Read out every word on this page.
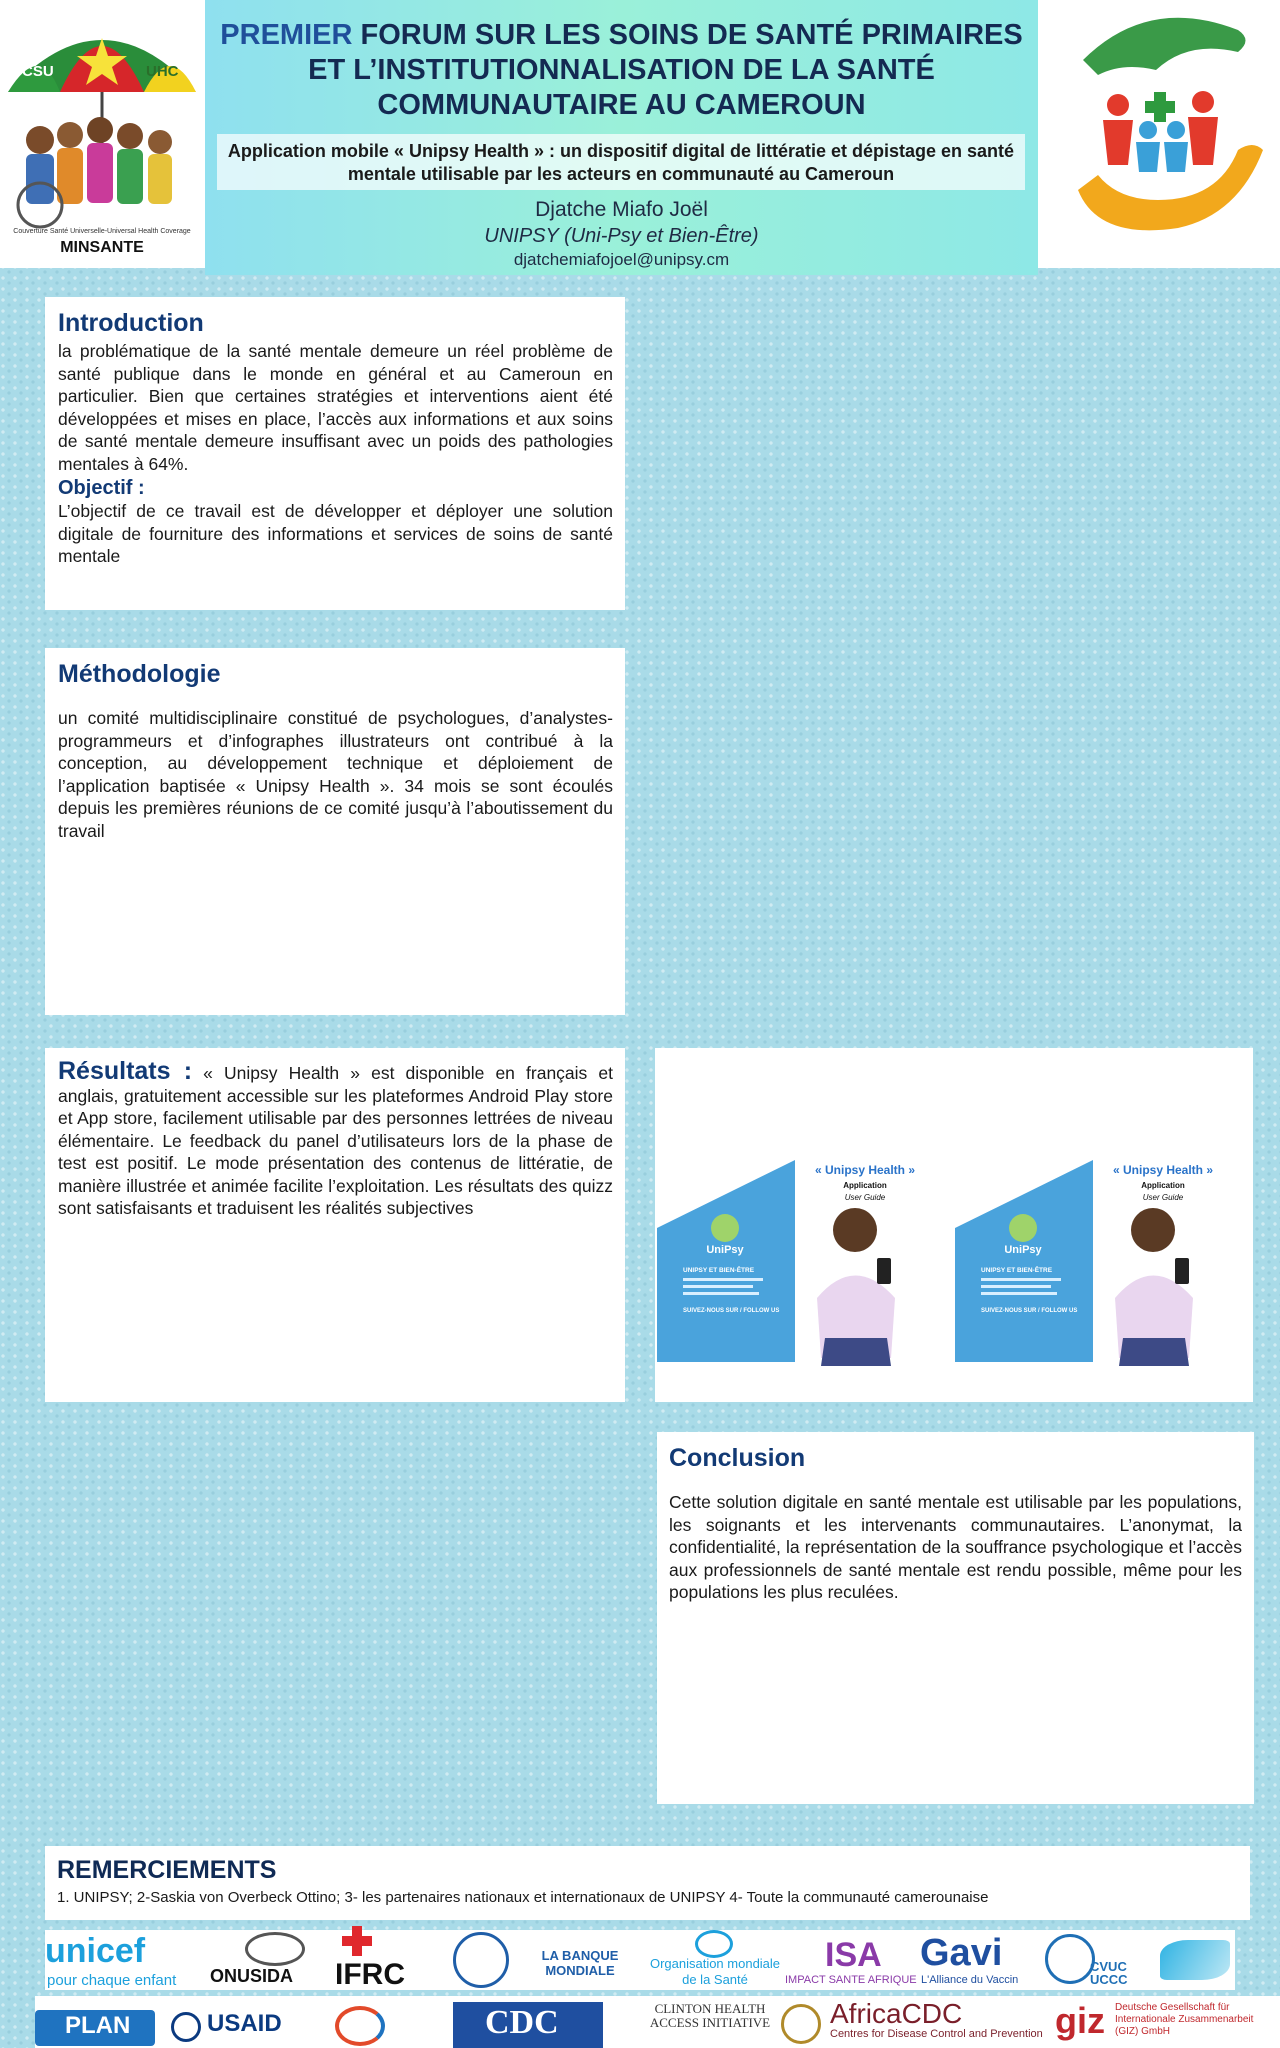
CSU	UHC
Couverture Santé Universelle-Universal Health Coverage
MINSANTE
PREMIER FORUM SUR LES SOINS DE SANTÉ PRIMAIRES
ET L’INSTITUTIONNALISATION DE LA SANTÉ
COMMUNAUTAIRE AU CAMEROUN
Application mobile « Unipsy Health » : un dispositif digital de littératie et dépistage en santé mentale utilisable par les acteurs en communauté au Cameroun
Djatche Miafo Joël
UNIPSY (Uni-Psy et Bien-Être)
djatchemiafojoel@unipsy.cm
Introduction
la problématique de la santé mentale demeure un réel problème de santé publique dans le monde en général et au Cameroun en particulier. Bien que certaines stratégies et interventions aient été développées et mises en place, l’accès aux informations et aux soins de santé mentale demeure insuffisant avec un poids des pathologies mentales à 64%.
Objectif :
L’objectif de ce travail est de développer et déployer une solution digitale de fourniture des informations et services de soins de santé mentale
Méthodologie
un comité multidisciplinaire constitué de psychologues, d’analystes-programmeurs et d’infographes illustrateurs ont contribué à la conception, au développement technique et déploiement de l’application baptisée « Unipsy Health ». 34 mois se sont écoulés depuis les premières réunions de ce comité jusqu’à l’aboutissement du travail
Résultats : « Unipsy Health » est disponible en français et anglais, gratuitement accessible sur les plateformes Android Play store et App store, facilement utilisable par des personnes lettrées de niveau élémentaire. Le feedback du panel d’utilisateurs lors de la phase de test est positif. Le mode présentation des contenus de littératie, de manière illustrée et animée facilite l’exploitation. Les résultats des quizz sont satisfaisants et traduisent les réalités subjectives
UniPsy
UNIPSY ET BIEN-ÊTRE
SUIVEZ-NOUS SUR / FOLLOW US
« Unipsy Health »
Application
User Guide
UniPsy
UNIPSY ET BIEN-ÊTRE
SUIVEZ-NOUS SUR / FOLLOW US
« Unipsy Health »
Application
User Guide
Conclusion
Cette solution digitale en santé mentale est utilisable par les populations, les soignants et les intervenants communautaires. L’anonymat, la confidentialité, la représentation de la souffrance psychologique et l’accès aux professionnels de santé mentale est rendu possible, même pour les populations les plus reculées.
REMERCIEMENTS
1. UNIPSY; 2-Saskia von Overbeck Ottino; 3- les partenaires nationaux et internationaux de UNIPSY 4- Toute la communauté camerounaise
unicef
pour chaque enfant ONUSIDA IFRC
LA BANQUE MONDIALE	Organisation mondiale de la Santé
ISA
IMPACT SANTE AFRIQUE
Gavi
L'Alliance du Vaccin
CVUC UCCC
PLAN	USAID	CDC	CLINTON HEALTH ACCESS INITIATIVE	AfricaCDC
Centres for Disease Control and Prevention giz Deutsche Gesellschaft für Internationale Zusammenarbeit (GIZ) GmbH
